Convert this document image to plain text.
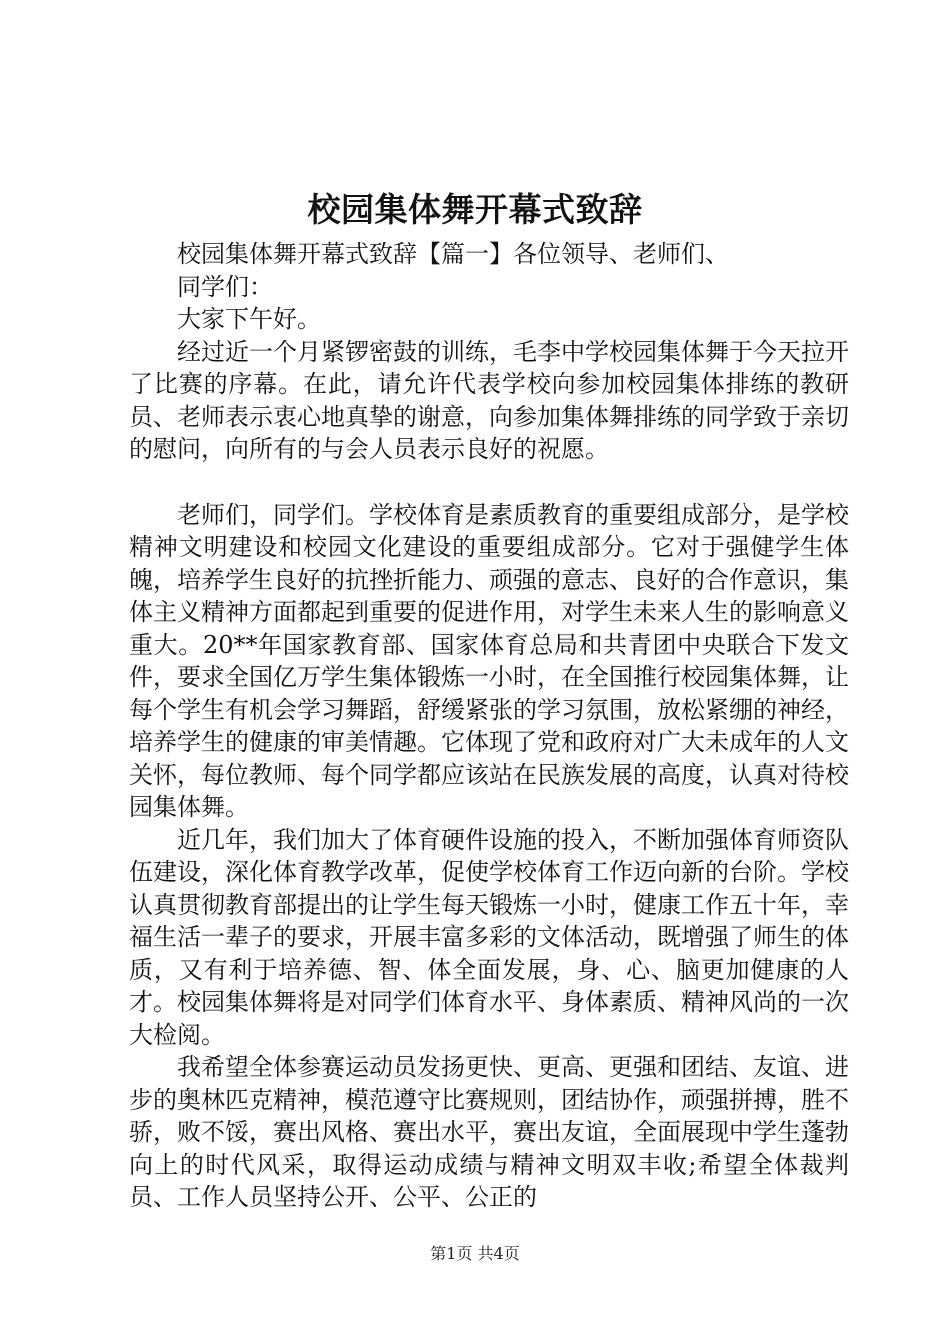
校园集体舞开幕式致辞

校园集体舞开幕式致辞【篇一】各位领导、老师们、

同学们：

大家下午好。

经过近一个月紧锣密鼓的训练，毛李中学校园集体舞于今天拉开了比赛的序幕。在此，请允许代表学校向参加校园集体排练的教研员、老师表示衷心地真挚的谢意，向参加集体舞排练的同学致于亲切的慰问，向所有的与会人员表示良好的祝愿。

老师们，同学们。学校体育是素质教育的重要组成部分，是学校精神文明建设和校园文化建设的重要组成部分。它对于强健学生体魄，培养学生良好的抗挫折能力、顽强的意志、良好的合作意识，集体主义精神方面都起到重要的促进作用，对学生未来人生的影响意义重大。20**年国家教育部、国家体育总局和共青团中央联合下发文件，要求全国亿万学生集体锻炼一小时，在全国推行校园集体舞，让每个学生有机会学习舞蹈，舒缓紧张的学习氛围，放松紧绷的神经，培养学生的健康的审美情趣。它体现了党和政府对广大未成年的人文关怀，每位教师、每个同学都应该站在民族发展的高度，认真对待校园集体舞。

近几年，我们加大了体育硬件设施的投入，不断加强体育师资队伍建设，深化体育教学改革，促使学校体育工作迈向新的台阶。学校认真贯彻教育部提出的让学生每天锻炼一小时，健康工作五十年，幸福生活一辈子的要求，开展丰富多彩的文体活动，既增强了师生的体质，又有利于培养德、智、体全面发展，身、心、脑更加健康的人才。校园集体舞将是对同学们体育水平、身体素质、精神风尚的一次大检阅。

我希望全体参赛运动员发扬更快、更高、更强和团结、友谊、进步的奥林匹克精神，模范遵守比赛规则，团结协作，顽强拼搏，胜不骄，败不馁，赛出风格、赛出水平，赛出友谊，全面展现中学生蓬勃向上的时代风采，取得运动成绩与精神文明双丰收;希望全体裁判员、工作人员坚持公开、公平、公正的

第1页 共4页
